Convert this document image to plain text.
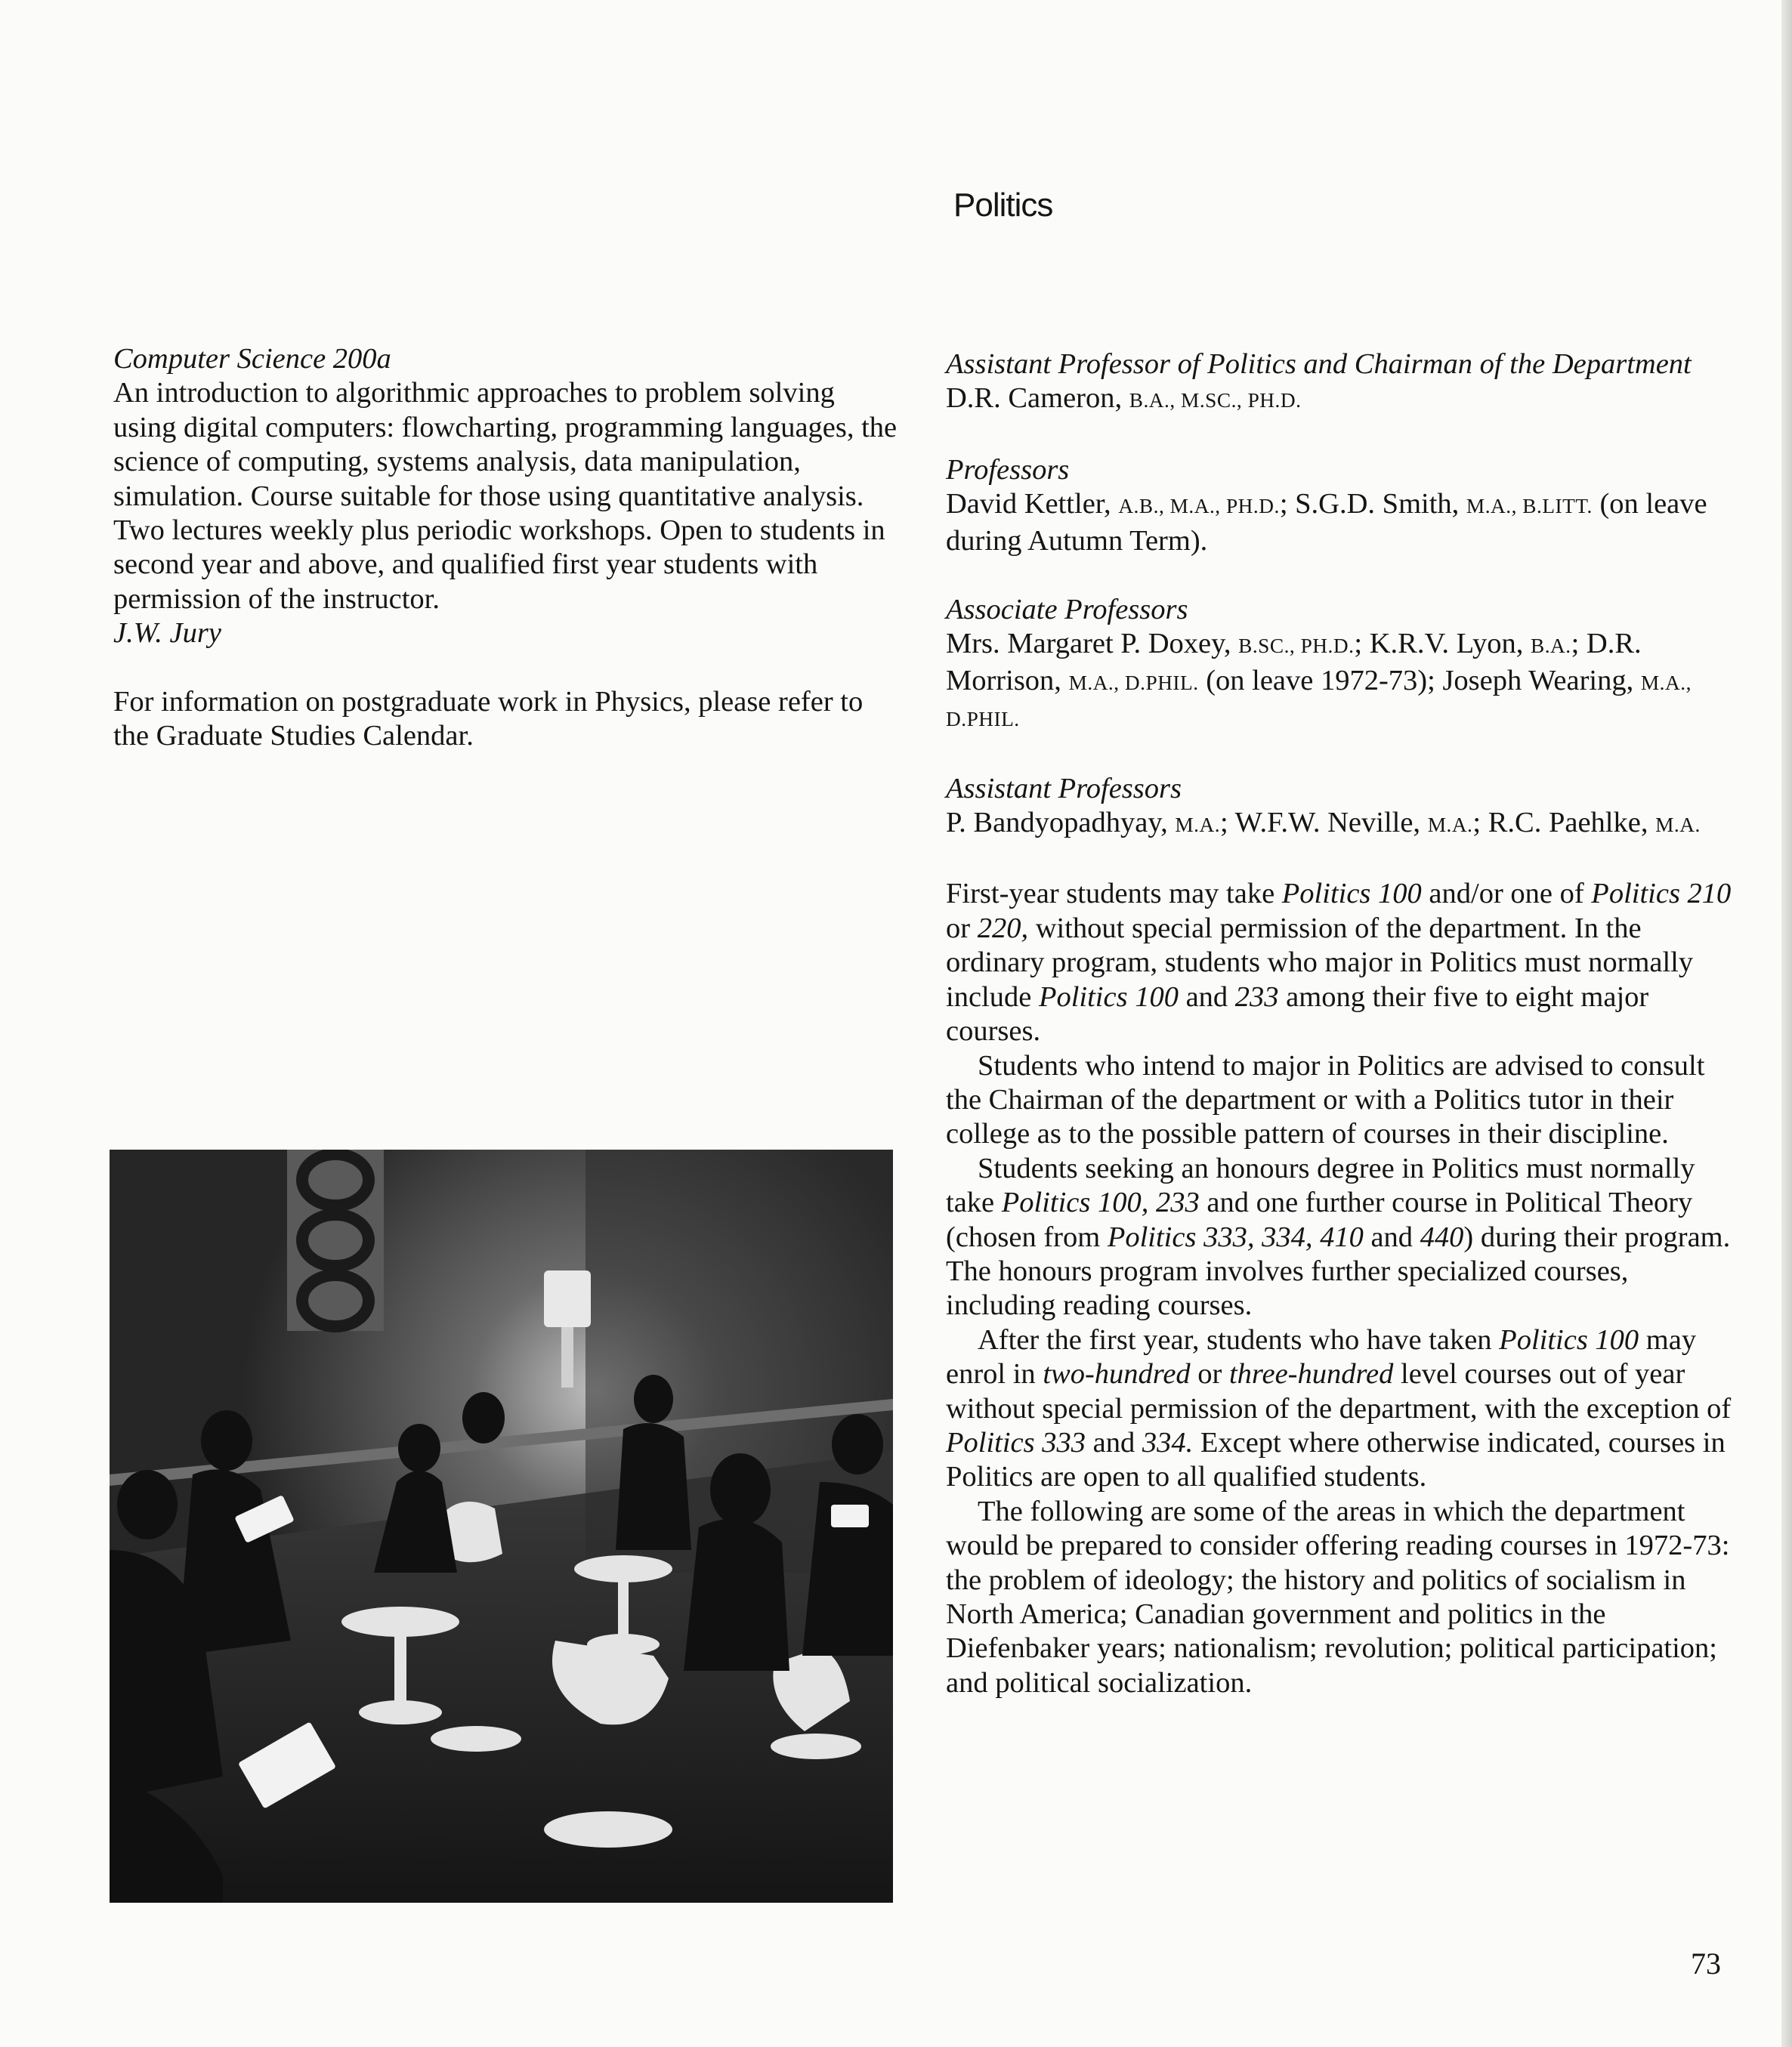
Politics

Computer Science 200a

An introduction to algorithmic approaches to problem solving using digital computers: flowcharting, programming languages, the science of computing, systems analysis, data manipulation, simulation. Course suitable for those using quantitative analysis. Two lectures weekly plus periodic workshops. Open to students in second year and above, and qualified first year students with permission of the instructor.

J.W. Jury

For information on postgraduate work in Physics, please refer to the Graduate Studies Calendar.

Assistant Professor of Politics and Chairman of the Department

D.R. Cameron, B.A., M.SC., PH.D.

Professors

David Kettler, A.B., M.A., PH.D.; S.G.D. Smith, M.A., B.LITT. (on leave during Autumn Term).

Associate Professors

Mrs. Margaret P. Doxey, B.SC., PH.D.; K.R.V. Lyon, B.A.; D.R. Morrison, M.A., D.PHIL. (on leave 1972-73); Joseph Wearing, M.A., D.PHIL.

Assistant Professors

P. Bandyopadhyay, M.A.; W.F.W. Neville, M.A.; R.C. Paehlke, M.A.

First-year students may take Politics 100 and/or one of Politics 210 or 220, without special permission of the department. In the ordinary program, students who major in Politics must normally include Politics 100 and 233 among their five to eight major courses.

Students who intend to major in Politics are advised to consult the Chairman of the department or with a Politics tutor in their college as to the possible pattern of courses in their discipline.

Students seeking an honours degree in Politics must normally take Politics 100, 233 and one further course in Political Theory (chosen from Politics 333, 334, 410 and 440) during their program. The honours program involves further specialized courses, including reading courses.

After the first year, students who have taken Politics 100 may enrol in two-hundred or three-hundred level courses out of year without special permission of the department, with the exception of Politics 333 and 334. Except where otherwise indicated, courses in Politics are open to all qualified students.

The following are some of the areas in which the department would be prepared to consider offering reading courses in 1972-73: the problem of ideology; the history and politics of socialism in North America; Canadian government and politics in the Diefenbaker years; nationalism; revolution; political participation; and political socialization.

73
